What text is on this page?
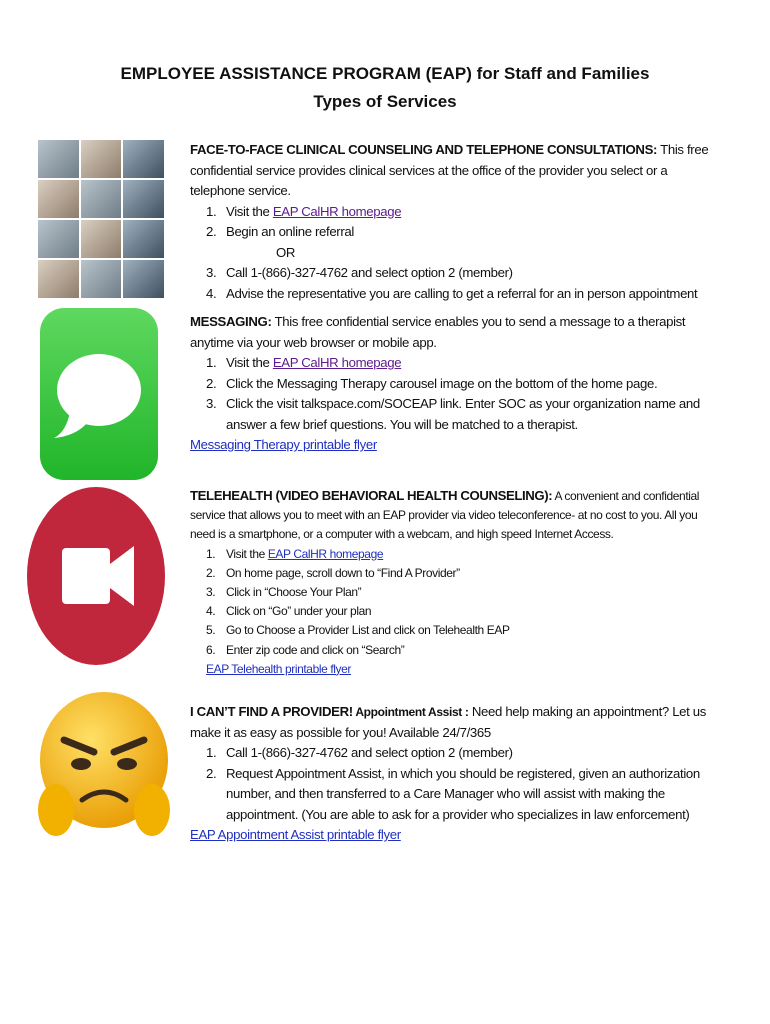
EMPLOYEE ASSISTANCE PROGRAM (EAP) for Staff and Families
Types of Services
FACE-TO-FACE CLINICAL COUNSELING AND TELEPHONE CONSULTATIONS: This free confidential service provides clinical services at the office of the provider you select or a telephone service.
1. Visit the EAP CalHR homepage
2. Begin an online referral
OR
3. Call 1-(866)-327-4762 and select option 2 (member)
4. Advise the representative you are calling to get a referral for an in person appointment
MESSAGING: This free confidential service enables you to send a message to a therapist anytime via your web browser or mobile app.
1. Visit the EAP CalHR homepage
2. Click the Messaging Therapy carousel image on the bottom of the home page.
3. Click the visit talkspace.com/SOCEAP link. Enter SOC as your organization name and answer a few brief questions. You will be matched to a therapist.
Messaging Therapy printable flyer
TELEHEALTH (VIDEO BEHAVIORAL HEALTH COUNSELING): A convenient and confidential service that allows you to meet with an EAP provider via video teleconference- at no cost to you. All you need is a smartphone, or a computer with a webcam, and high speed Internet Access.
1. Visit the EAP CalHR homepage
2. On home page, scroll down to “Find A Provider”
3. Click in “Choose Your Plan”
4. Click on “Go” under your plan
5. Go to Choose a Provider List and click on Telehealth EAP
6. Enter zip code and click on “Search”
EAP Telehealth printable flyer
I CAN’T FIND A PROVIDER! Appointment Assist : Need help making an appointment? Let us make it as easy as possible for you! Available 24/7/365
1. Call 1-(866)-327-4762 and select option 2 (member)
2. Request Appointment Assist, in which you should be registered, given an authorization number, and then transferred to a Care Manager who will assist with making the appointment. (You are able to ask for a provider who specializes in law enforcement)
EAP Appointment Assist printable flyer
